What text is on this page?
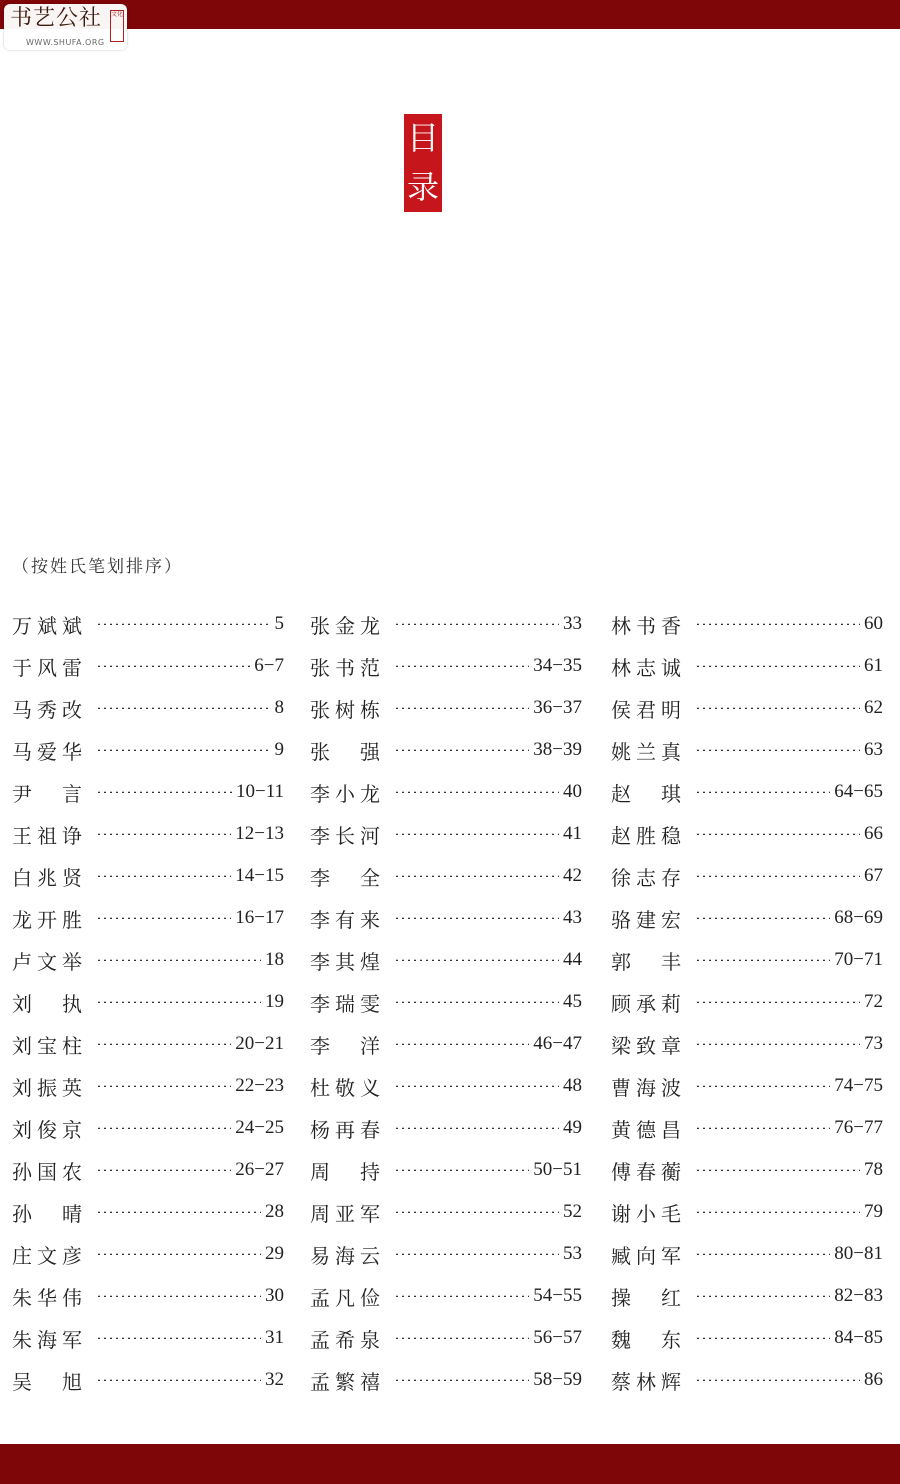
书艺公社 文化
WWW.SHUFA.ORG
目
录
（按姓氏笔划排序）
万斌斌	5
于风雷	6−7
马秀改	8
马爱华	9
尹　言	10−11
王祖诤	12−13
白兆贤	14−15
龙开胜	16−17
卢文举	18
刘　执	19
刘宝柱	20−21
刘振英	22−23
刘俊京	24−25
孙国农	26−27
孙　晴	28
庄文彦	29
朱华伟	30
朱海军	31
吴　旭	32
张金龙	33
张书范	34−35
张树栋	36−37
张　强	38−39
李小龙	40
李长河	41
李　全	42
李有来	43
李其煌	44
李瑞雯	45
李　洋	46−47
杜敬义	48
杨再春	49
周　持	50−51
周亚军	52
易海云	53
孟凡俭	54−55
孟希泉	56−57
孟繁禧	58−59
林书香	60
林志诚	61
侯君明	62
姚兰真	63
赵　琪	64−65
赵胜稳	66
徐志存	67
骆建宏	68−69
郭　丰	70−71
顾承莉	72
梁致章	73
曹海波	74−75
黄德昌	76−77
傅春蘅	78
谢小毛	79
臧向军	80−81
操　红	82−83
魏　东	84−85
蔡林辉	86
